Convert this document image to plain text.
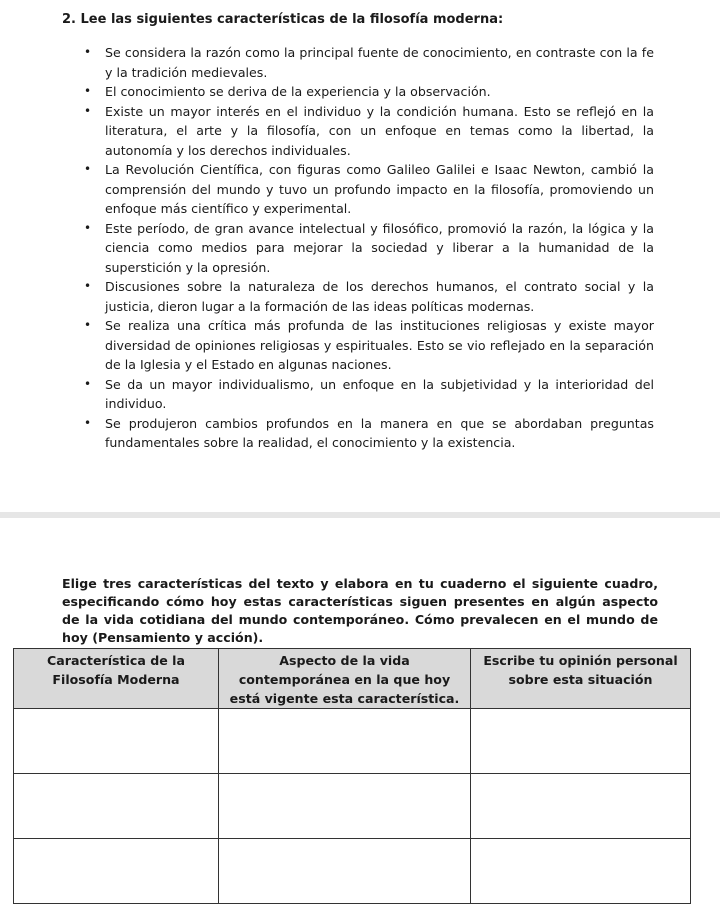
2. Lee las siguientes características de la filosofía moderna:
• Se considera la razón como la principal fuente de conocimiento, en contraste con la fe y la tradición medievales.
• El conocimiento se deriva de la experiencia y la observación.
• Existe un mayor interés en el individuo y la condición humana. Esto se reflejó en la literatura, el arte y la filosofía, con un enfoque en temas como la libertad, la autonomía y los derechos individuales.
• La Revolución Científica, con figuras como Galileo Galilei e Isaac Newton, cambió la comprensión del mundo y tuvo un profundo impacto en la filosofía, promoviendo un enfoque más científico y experimental.
• Este período, de gran avance intelectual y filosófico, promovió la razón, la lógica y la ciencia como medios para mejorar la sociedad y liberar a la humanidad de la superstición y la opresión.
• Discusiones sobre la naturaleza de los derechos humanos, el contrato social y la justicia, dieron lugar a la formación de las ideas políticas modernas.
• Se realiza una crítica más profunda de las instituciones religiosas y existe mayor diversidad de opiniones religiosas y espirituales. Esto se vio reflejado en la separación de la Iglesia y el Estado en algunas naciones.
• Se da un mayor individualismo, un enfoque en la subjetividad y la interioridad del individuo.
• Se produjeron cambios profundos en la manera en que se abordaban preguntas fundamentales sobre la realidad, el conocimiento y la existencia.
Elige tres características del texto y elabora en tu cuaderno el siguiente cuadro, especificando cómo hoy estas características siguen presentes en algún aspecto de la vida cotidiana del mundo contemporáneo. Cómo prevalecen en el mundo de hoy (Pensamiento y acción).
Característica de la
Filosofía Moderna	Aspecto de la vida
contemporánea en la que hoy
está vigente esta característica.	Escribe tu opinión personal
sobre esta situación
